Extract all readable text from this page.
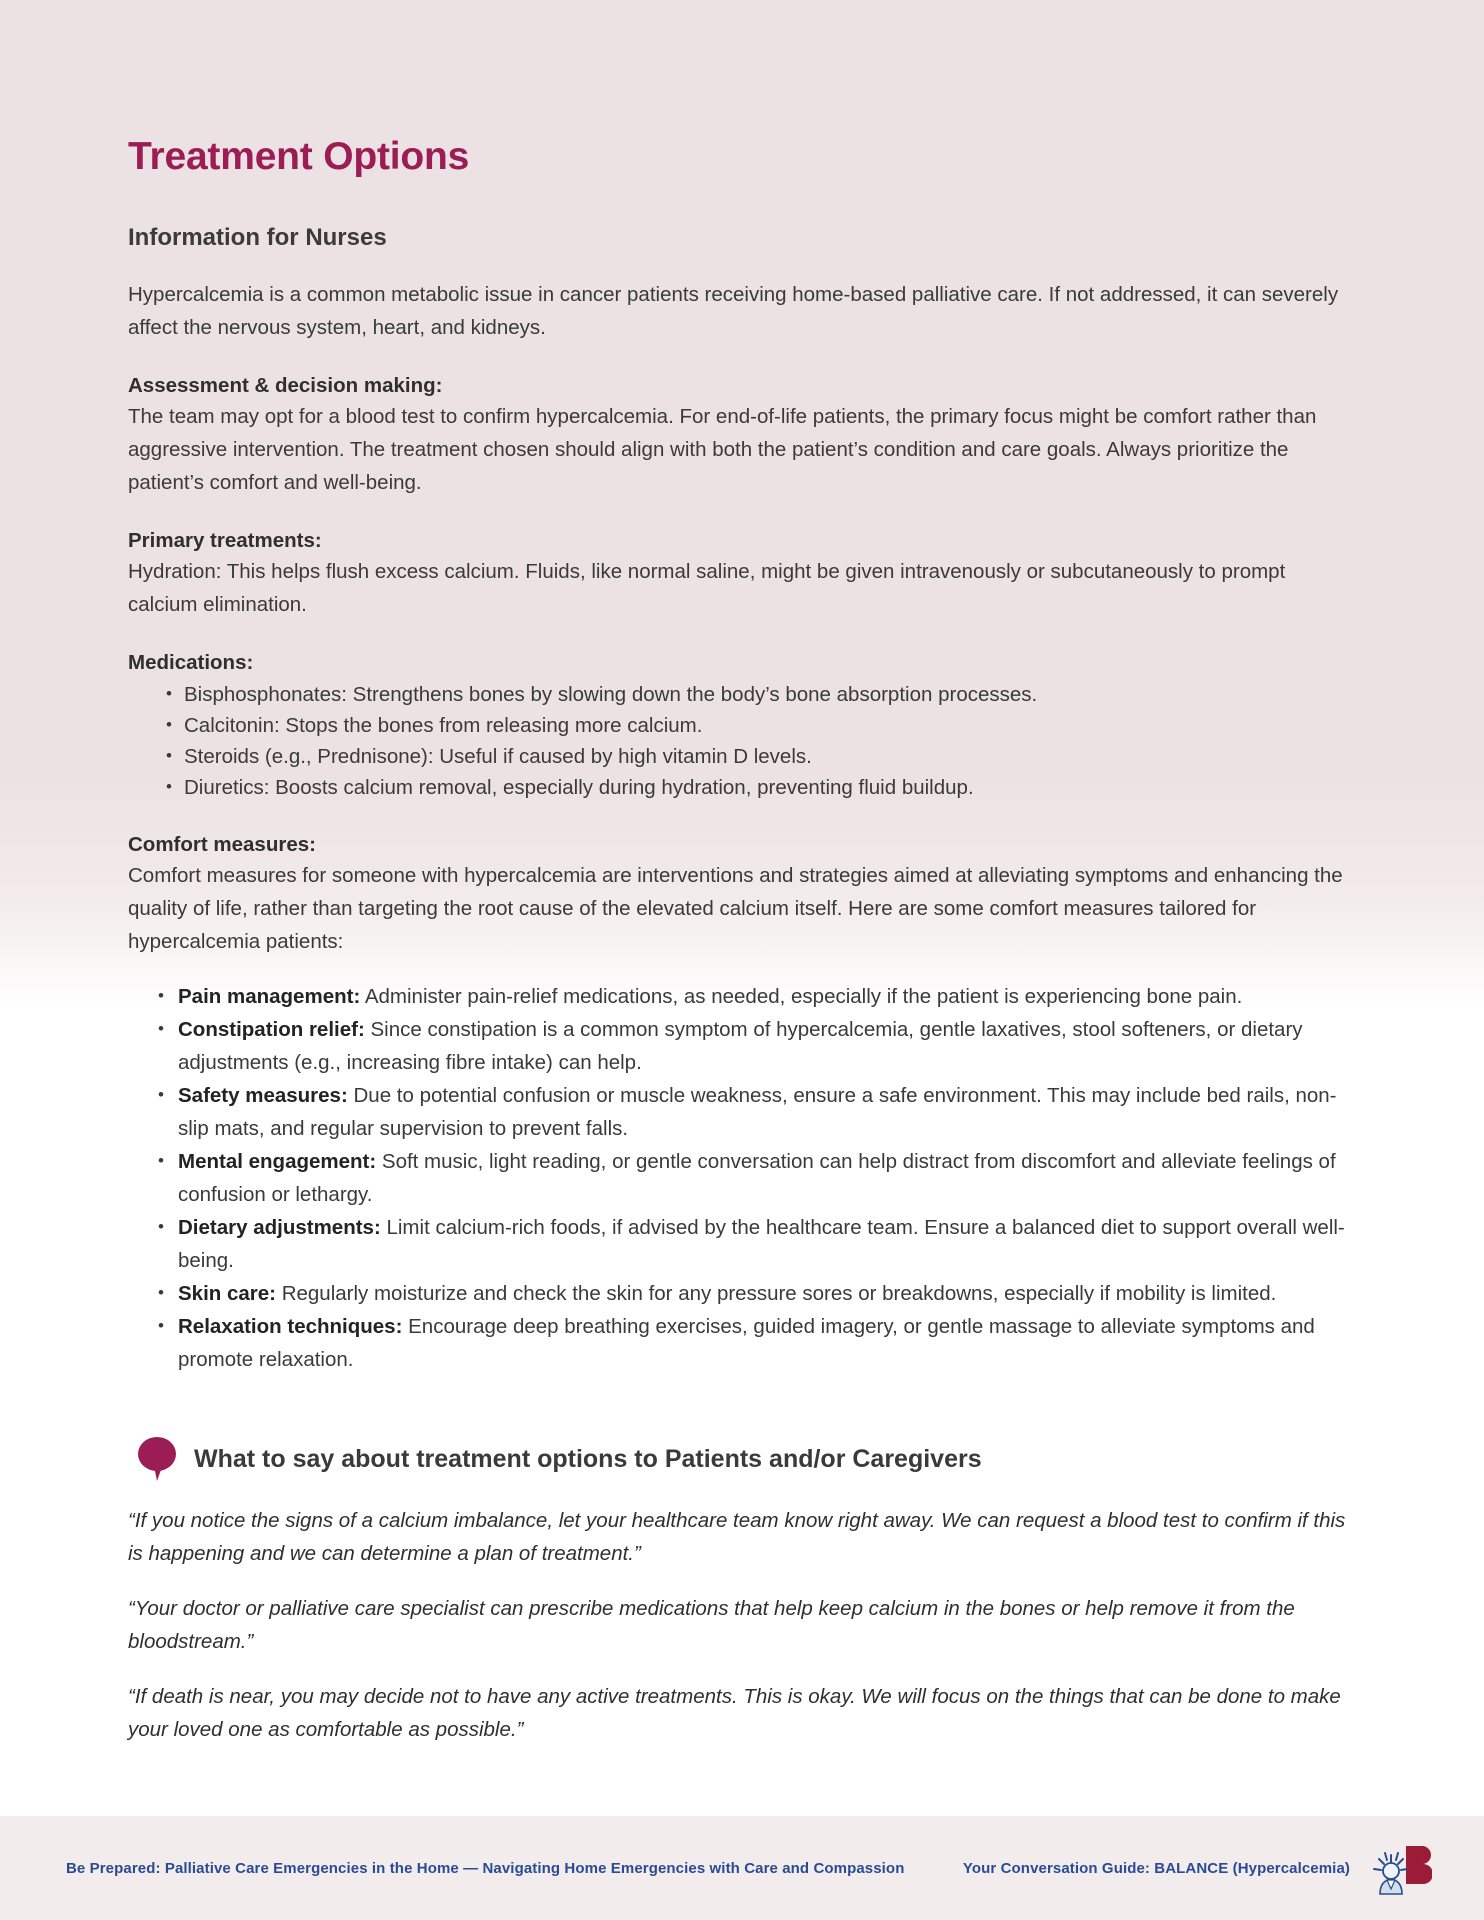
Treatment Options
Information for Nurses

Hypercalcemia is a common metabolic issue in cancer patients receiving home-based palliative care. If not addressed, it can severely affect the nervous system, heart, and kidneys.

Assessment & decision making:

The team may opt for a blood test to confirm hypercalcemia. For end-of-life patients, the primary focus might be comfort rather than aggressive intervention. The treatment chosen should align with both the patient’s condition and care goals. Always prioritize the patient’s comfort and well-being.

Primary treatments:

Hydration: This helps flush excess calcium. Fluids, like normal saline, might be given intravenously or subcutaneously to prompt calcium elimination.

Medications:
• Bisphosphonates: Strengthens bones by slowing down the body’s bone absorption processes.
• Calcitonin: Stops the bones from releasing more calcium.
• Steroids (e.g., Prednisone): Useful if caused by high vitamin D levels.
• Diuretics: Boosts calcium removal, especially during hydration, preventing fluid buildup.
Comfort measures:

Comfort measures for someone with hypercalcemia are interventions and strategies aimed at alleviating symptoms and enhancing the quality of life, rather than targeting the root cause of the elevated calcium itself. Here are some comfort measures tailored for hypercalcemia patients:

• Pain management: Administer pain-relief medications, as needed, especially if the patient is experiencing bone pain.
• Constipation relief: Since constipation is a common symptom of hypercalcemia, gentle laxatives, stool softeners, or dietary adjustments (e.g., increasing fibre intake) can help.
• Safety measures: Due to potential confusion or muscle weakness, ensure a safe environment. This may include bed rails, non-slip mats, and regular supervision to prevent falls.
• Mental engagement: Soft music, light reading, or gentle conversation can help distract from discomfort and alleviate feelings of confusion or lethargy.
• Dietary adjustments: Limit calcium-rich foods, if advised by the healthcare team. Ensure a balanced diet to support overall well-being.
• Skin care: Regularly moisturize and check the skin for any pressure sores or breakdowns, especially if mobility is limited.
• Relaxation techniques: Encourage deep breathing exercises, guided imagery, or gentle massage to alleviate symptoms and promote relaxation.
What to say about treatment options to Patients and/or Caregivers

“If you notice the signs of a calcium imbalance, let your healthcare team know right away. We can request a blood test to confirm if this is happening and we can determine a plan of treatment.”

“Your doctor or palliative care specialist can prescribe medications that help keep calcium in the bones or help remove it from the bloodstream.”

“If death is near, you may decide not to have any active treatments. This is okay. We will focus on the things that can be done to make your loved one as comfortable as possible.”

Be Prepared: Palliative Care Emergencies in the Home — Navigating Home Emergencies with Care and Compassion	Your Conversation Guide: BALANCE (Hypercalcemia)
